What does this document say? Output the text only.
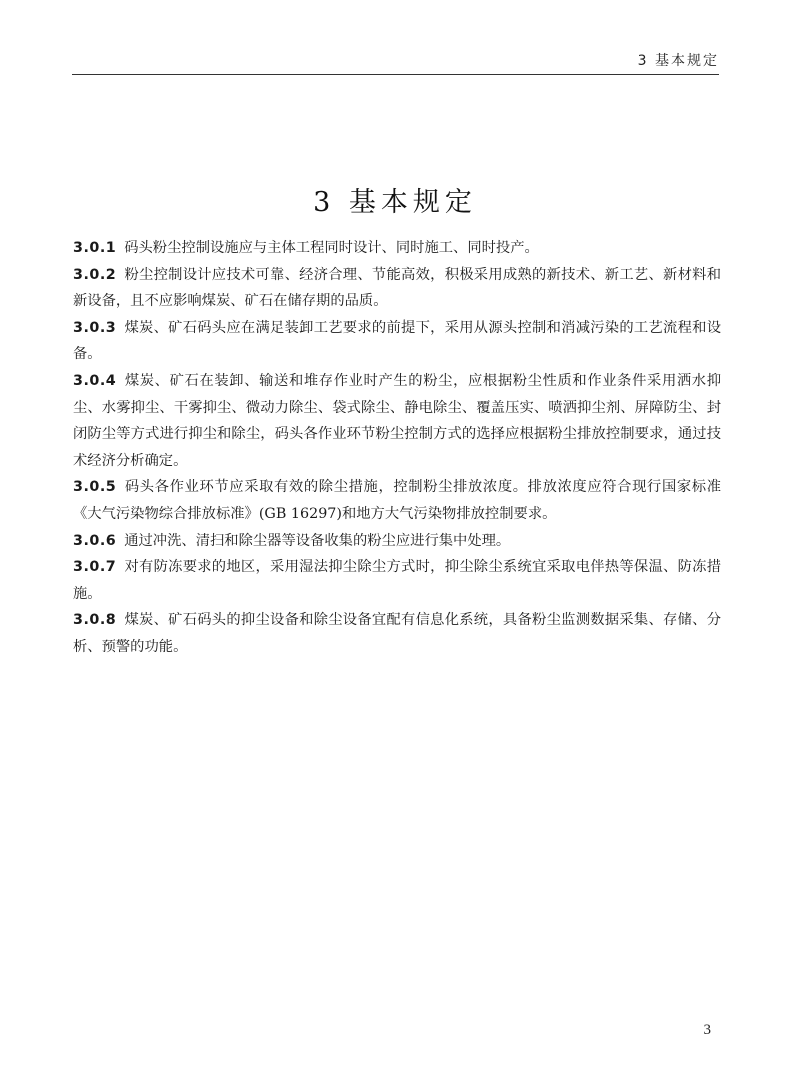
3 基本规定
3 基本规定

3.0.1 码头粉尘控制设施应与主体工程同时设计、同时施工、同时投产。

3.0.2 粉尘控制设计应技术可靠、经济合理、节能高效，积极采用成熟的新技术、新工艺、新材料和新设备，且不应影响煤炭、矿石在储存期的品质。

3.0.3 煤炭、矿石码头应在满足装卸工艺要求的前提下，采用从源头控制和消减污染的工艺流程和设备。

3.0.4 煤炭、矿石在装卸、输送和堆存作业时产生的粉尘，应根据粉尘性质和作业条件采用洒水抑尘、水雾抑尘、干雾抑尘、微动力除尘、袋式除尘、静电除尘、覆盖压实、喷洒抑尘剂、屏障防尘、封闭防尘等方式进行抑尘和除尘，码头各作业环节粉尘控制方式的选择应根据粉尘排放控制要求，通过技术经济分析确定。

3.0.5 码头各作业环节应采取有效的除尘措施，控制粉尘排放浓度。排放浓度应符合现行国家标准《大气污染物综合排放标准》(GB 16297)和地方大气污染物排放控制要求。

3.0.6 通过冲洗、清扫和除尘器等设备收集的粉尘应进行集中处理。

3.0.7 对有防冻要求的地区，采用湿法抑尘除尘方式时，抑尘除尘系统宜采取电伴热等保温、防冻措施。

3.0.8 煤炭、矿石码头的抑尘设备和除尘设备宜配有信息化系统，具备粉尘监测数据采集、存储、分析、预警的功能。

3
